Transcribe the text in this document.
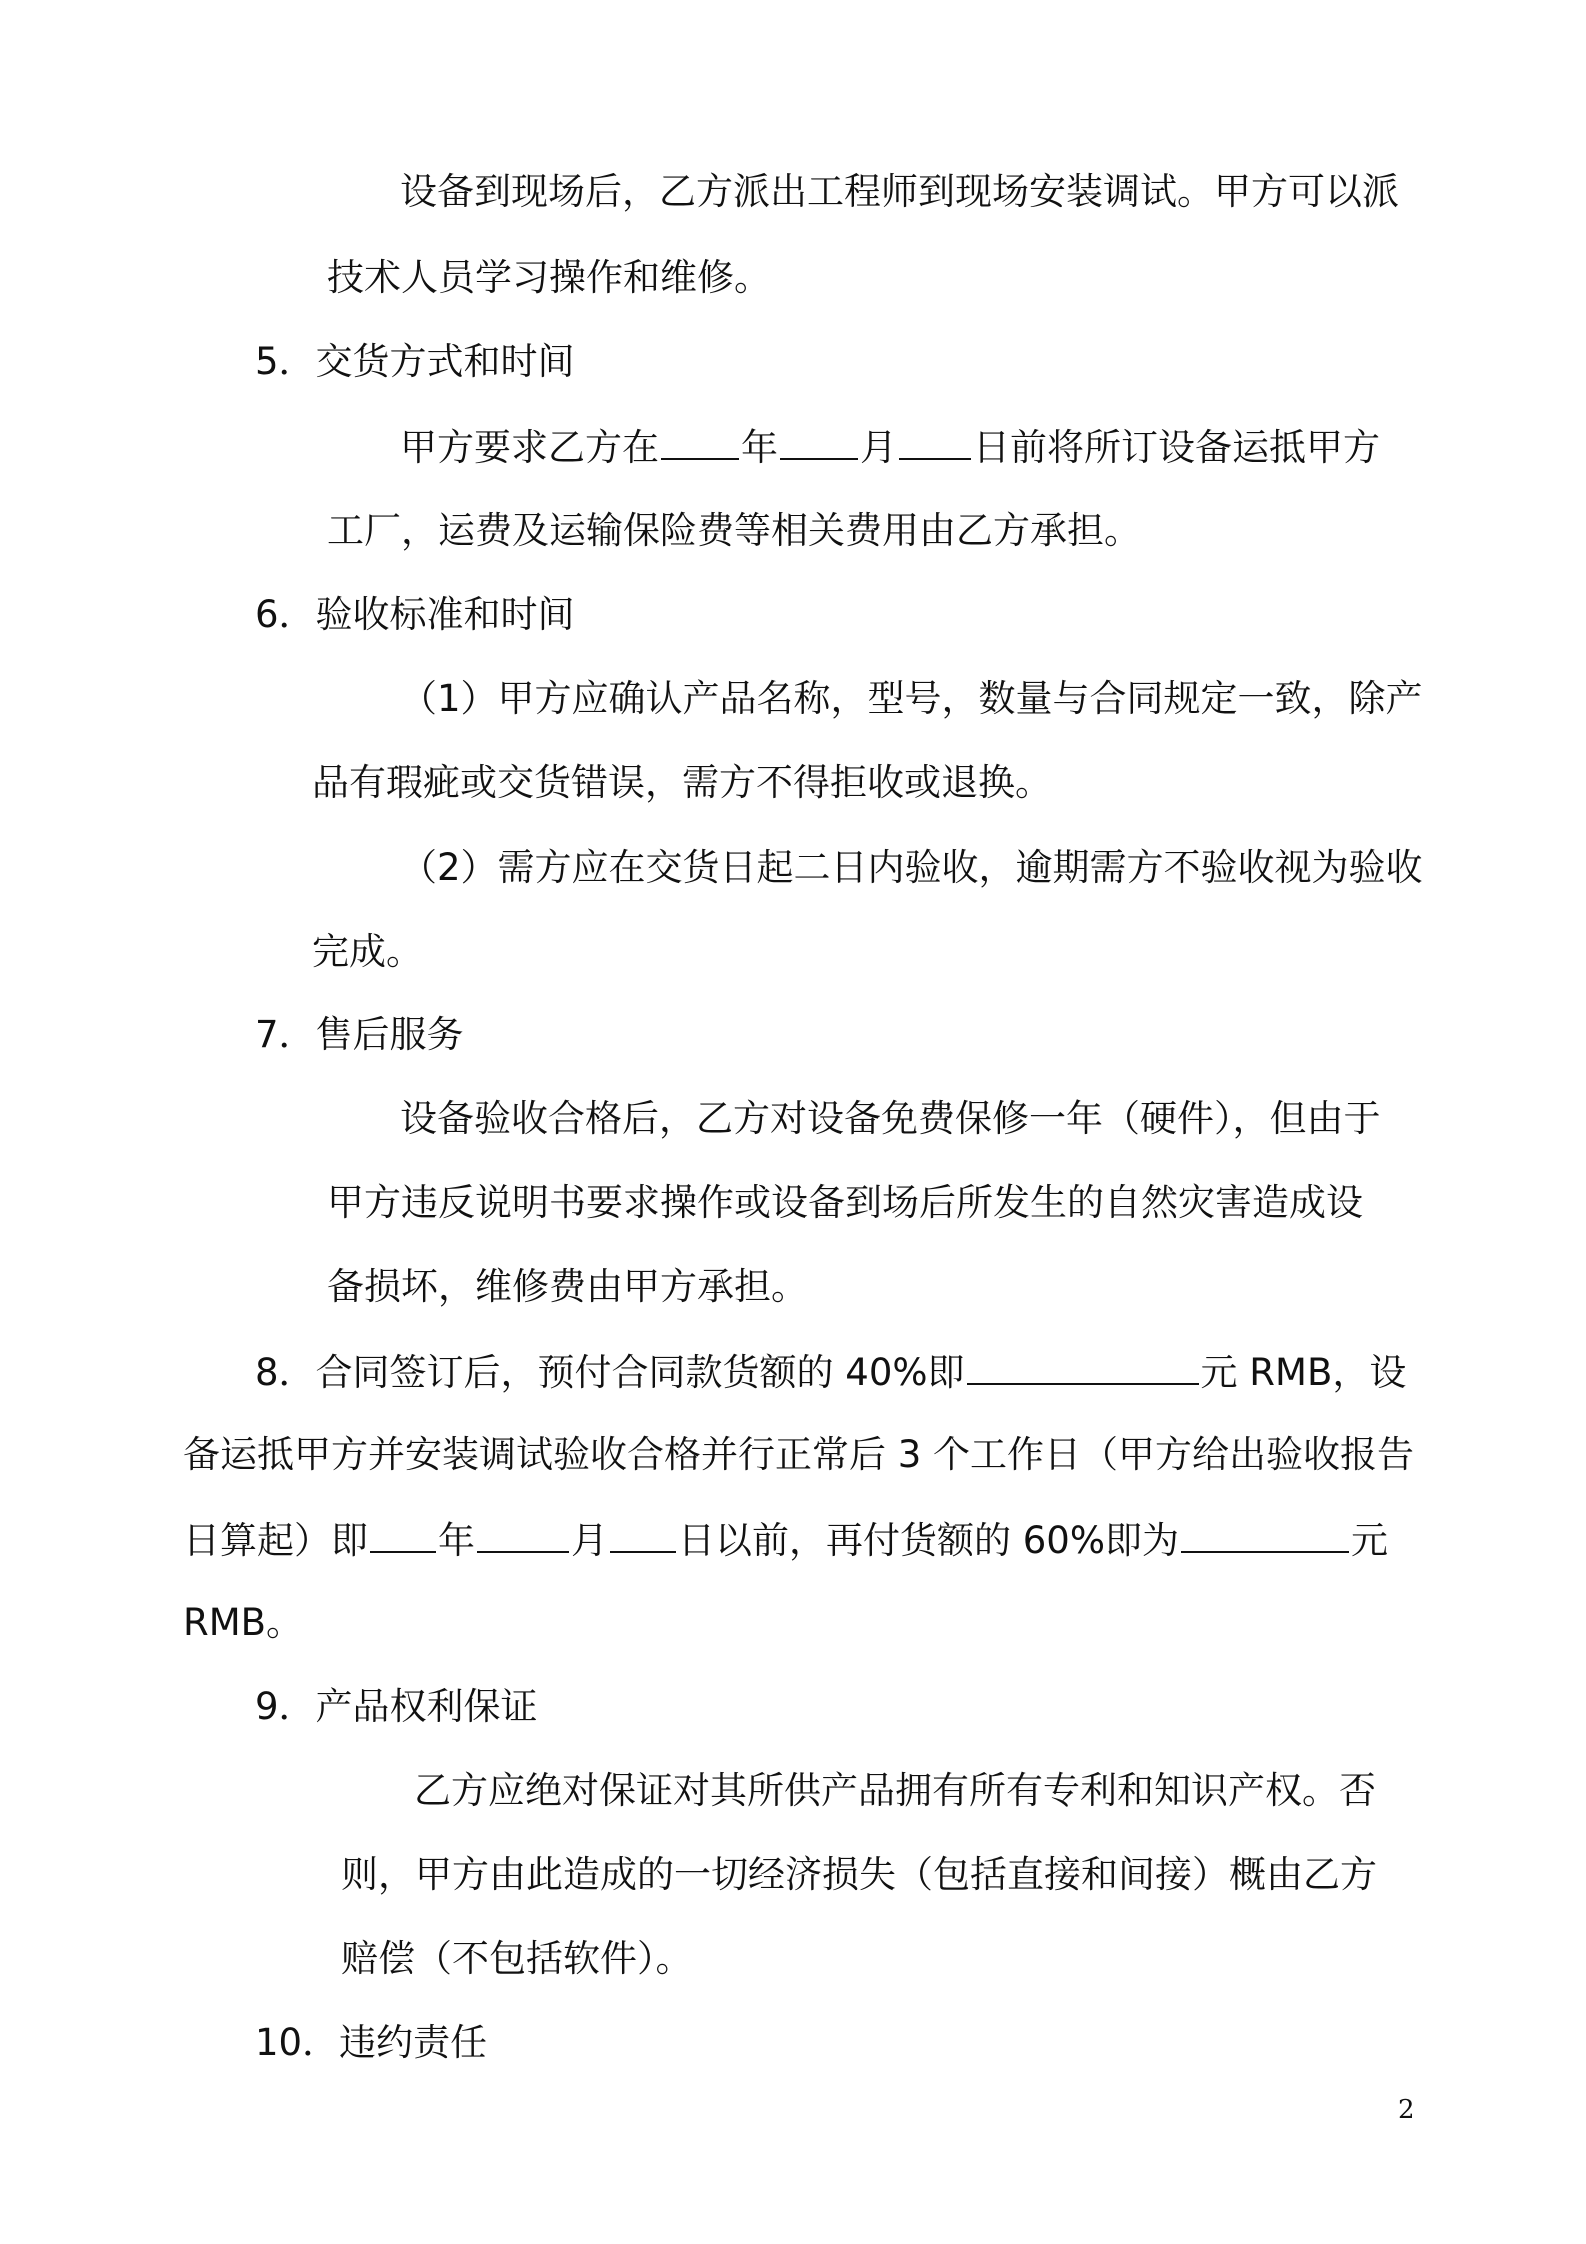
设备到现场后，乙方派出工程师到现场安装调试。甲方可以派
技术人员学习操作和维修。
5．交货方式和时间
甲方要求乙方在 年 月 日前将所订设备运抵甲方
工厂，运费及运输保险费等相关费用由乙方承担。
6．验收标准和时间
（1）甲方应确认产品名称，型号，数量与合同规定一致，除产
品有瑕疵或交货错误，需方不得拒收或退换。
（2）需方应在交货日起二日内验收，逾期需方不验收视为验收
完成。
7．售后服务
设备验收合格后，乙方对设备免费保修一年（硬件），但由于
甲方违反说明书要求操作或设备到场后所发生的自然灾害造成设
备损坏，维修费由甲方承担。
8．合同签订后，预付合同款货额的 40%即	元 RMB，设
备运抵甲方并安装调试验收合格并行正常后 3 个工作日（甲方给出验收报告
日算起）即 年	月 日以前，再付货额的 60%即为	元
RMB。
9．产品权利保证
乙方应绝对保证对其所供产品拥有所有专利和知识产权。否
则，甲方由此造成的一切经济损失（包括直接和间接）概由乙方
赔偿（不包括软件）。
10．违约责任
2
